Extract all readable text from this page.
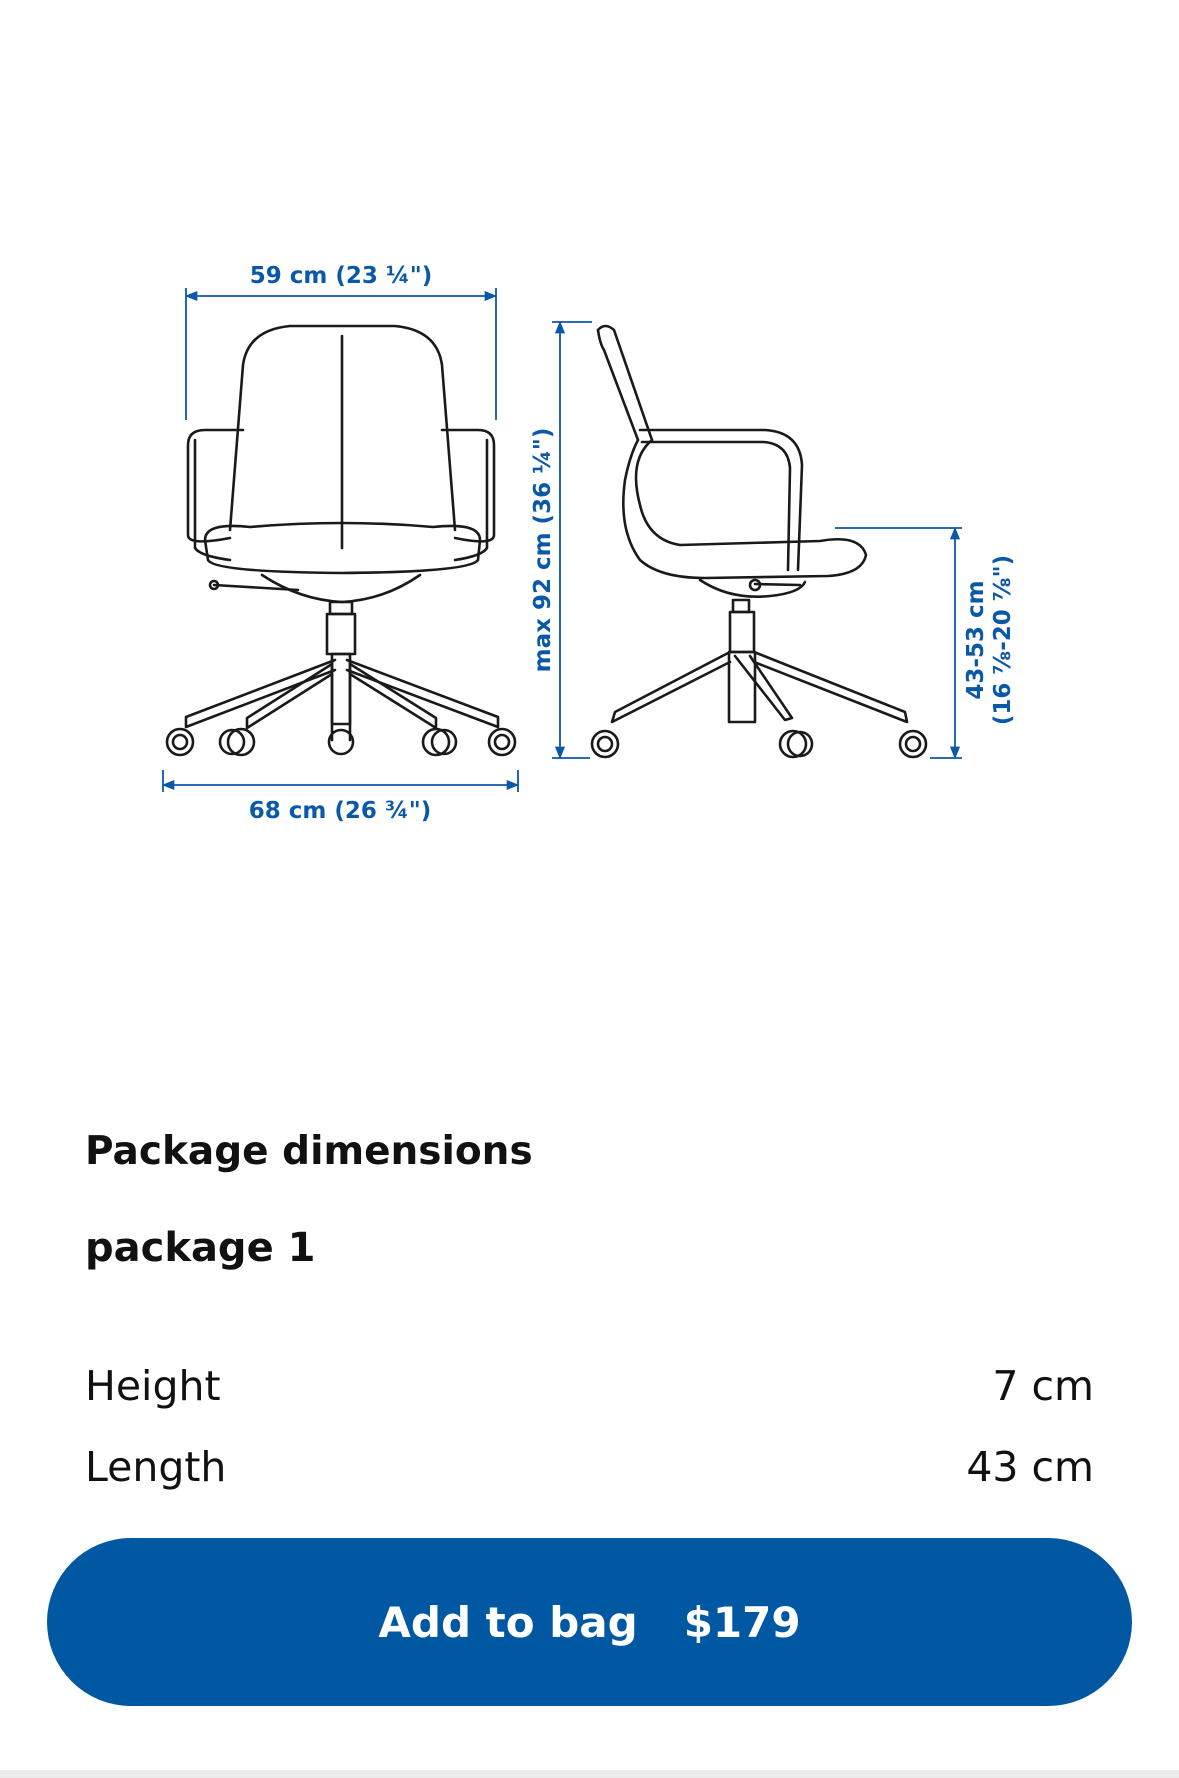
59 cm (23 ¼")
68 cm (26 ¾")
max 92 cm (36 ¼")	43-53 cm (16 ⅞-20 ⅞")
Package dimensions
package 1
Height	7 cm
Length	43 cm
Add to bag $179
